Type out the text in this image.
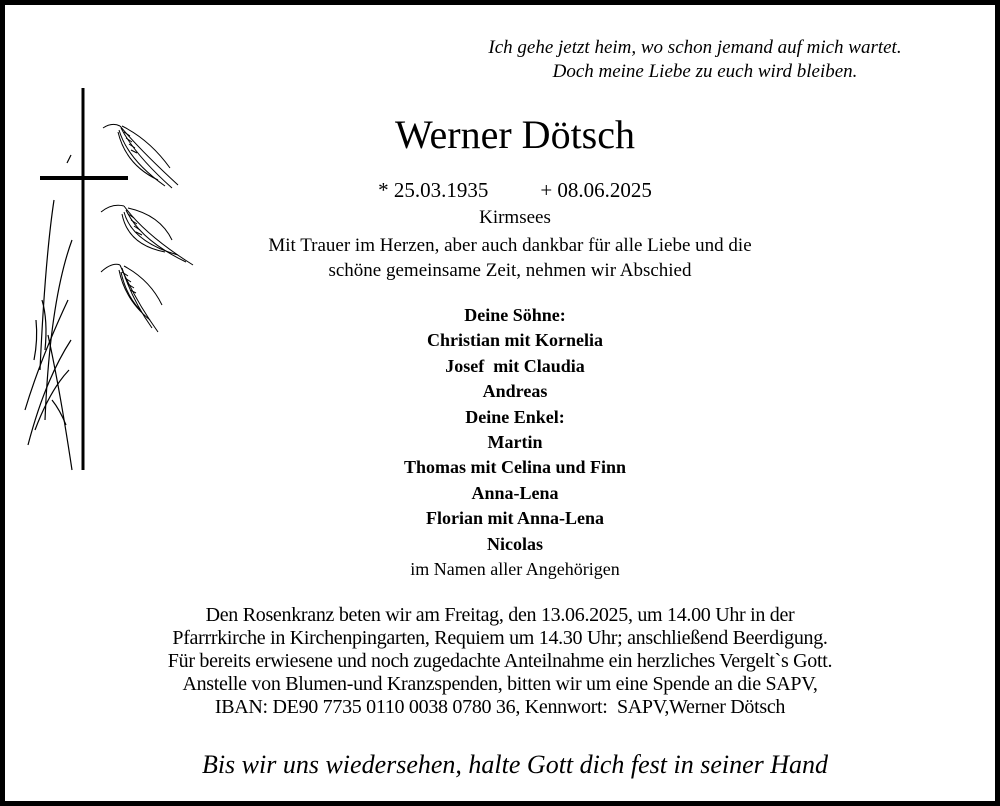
Ich gehe jetzt heim, wo schon jemand auf mich wartet.
Doch meine Liebe zu euch wird bleiben.
Werner Dötsch
* 25.03.1935 + 08.06.2025
Kirmsees
Mit Trauer im Herzen, aber auch dankbar für alle Liebe und die
schöne gemeinsame Zeit, nehmen wir Abschied
Deine Söhne:
Christian mit Kornelia
Josef  mit Claudia
Andreas
Deine Enkel:
Martin
Thomas mit Celina und Finn
Anna-Lena
Florian mit Anna-Lena
Nicolas
im Namen aller Angehörigen
Den Rosenkranz beten wir am Freitag, den 13.06.2025, um 14.00 Uhr in der
Pfarrrkirche in Kirchenpingarten, Requiem um 14.30 Uhr; anschließend Beerdigung.
Für bereits erwiesene und noch zugedachte Anteilnahme ein herzliches Vergelt`s Gott.
Anstelle von Blumen-und Kranzspenden, bitten wir um eine Spende an die SAPV,
IBAN: DE90 7735 0110 0038 0780 36, Kennwort:  SAPV,Werner Dötsch
Bis wir uns wiedersehen, halte Gott dich fest in seiner Hand
